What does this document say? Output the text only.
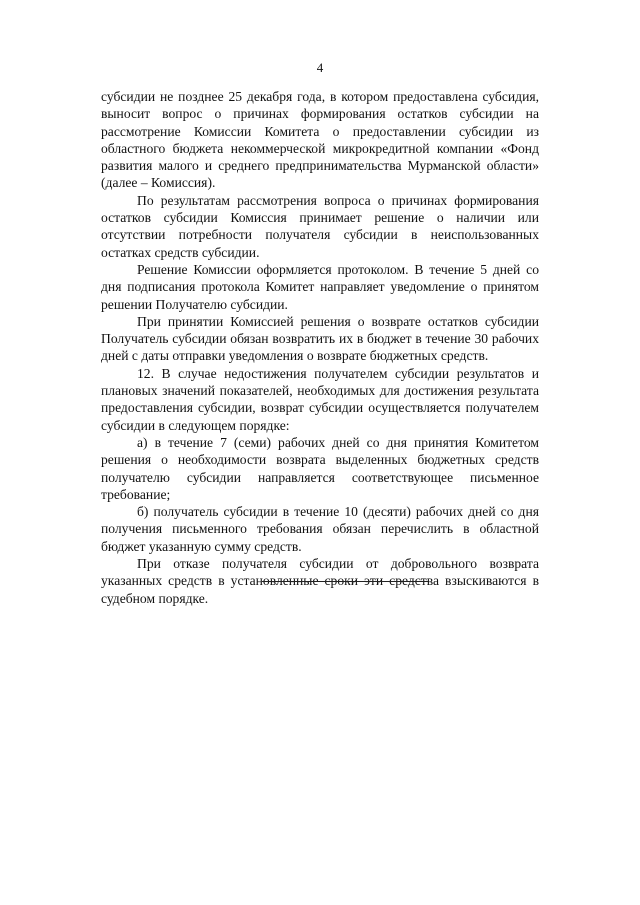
4

субсидии не позднее 25 декабря года, в котором предоставлена субсидия, выносит вопрос о причинах формирования остатков субсидии на рассмотрение Комиссии Комитета о предоставлении субсидии из областного бюджета некоммерческой микрокредитной компании «Фонд развития малого и среднего предпринимательства Мурманской области» (далее – Комиссия).

По результатам рассмотрения вопроса о причинах формирования остатков субсидии Комиссия принимает решение о наличии или отсутствии потребности получателя субсидии в неиспользованных остатках средств субсидии.

Решение Комиссии оформляется протоколом. В течение 5 дней со дня подписания протокола Комитет направляет уведомление о принятом решении Получателю субсидии.

При принятии Комиссией решения о возврате остатков субсидии Получатель субсидии обязан возвратить их в бюджет в течение 30 рабочих дней с даты отправки уведомления о возврате бюджетных средств.

12. В случае недостижения получателем субсидии результатов и плановых значений показателей, необходимых для достижения результата предоставления субсидии, возврат субсидии осуществляется получателем субсидии в следующем порядке:

а) в течение 7 (семи) рабочих дней со дня принятия Комитетом решения о необходимости возврата выделенных бюджетных средств получателю субсидии направляется соответствующее письменное требование;

б) получатель субсидии в течение 10 (десяти) рабочих дней со дня получения письменного требования обязан перечислить в областной бюджет указанную сумму средств.

При отказе получателя субсидии от добровольного возврата указанных средств в установленные сроки эти средства взыскиваются в судебном порядке.
